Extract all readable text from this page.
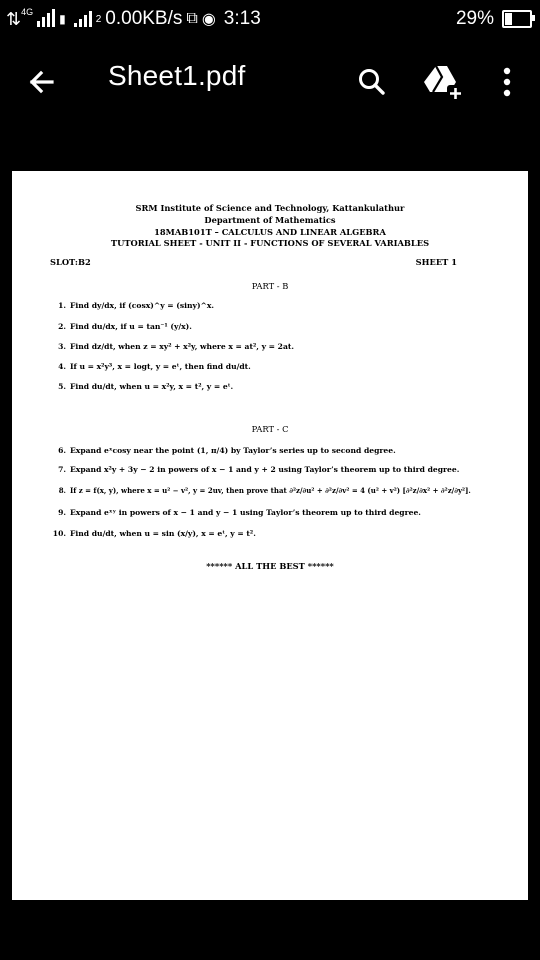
⇅ 4G ▮	2 0.00KB/s ⧉ ◉ 3:13	29%
Sheet1.pdf
SRM Institute of Science and Technology, Kattankulathur
Department of Mathematics
18MAB101T – CALCULUS AND LINEAR ALGEBRA
TUTORIAL SHEET - UNIT II - FUNCTIONS OF SEVERAL VARIABLES
SLOT:B2	SHEET 1
PART - B
1. Find dy/dx, if (cosx)^y = (siny)^x.
2. Find du/dx, if u = tan⁻¹ (y/x).
3. Find dz/dt, when z = xy² + x²y, where x = at², y = 2at.
4. If u = x²y³, x = logt, y = eᵗ, then find du/dt.
5. Find du/dt, when u = x²y, x = t², y = eᵗ.
PART - C
6. Expand eˣcosy near the point (1, π/4) by Taylor’s series up to second degree.
7. Expand x²y + 3y − 2 in powers of x − 1 and y + 2 using Taylor’s theorem up to third degree.
8. If z = f(x, y), where x = u² − v², y = 2uv, then prove that ∂²z/∂u² + ∂²z/∂v² = 4 (u² + v²) [∂²z/∂x² + ∂²z/∂y²].
9. Expand eˣʸ in powers of x − 1 and y − 1 using Taylor’s theorem up to third degree.
10. Find du/dt, when u = sin (x/y), x = eᵗ, y = t².
****** ALL THE BEST ******
